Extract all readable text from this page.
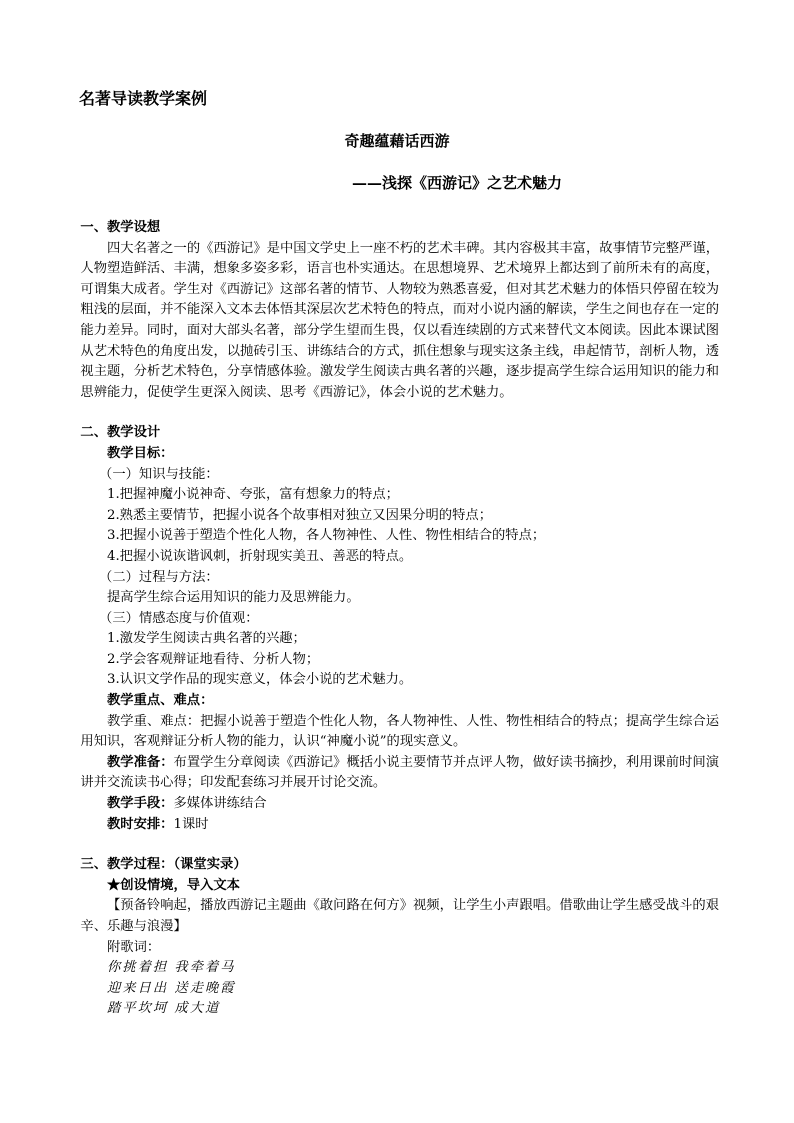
名著导读教学案例
奇趣蕴藉话西游
——浅探《西游记》之艺术魅力

一、教学设想

四大名著之一的《西游记》是中国文学史上一座不朽的艺术丰碑。其内容极其丰富，故事情节完整严谨，人物塑造鲜活、丰满，想象多姿多彩，语言也朴实通达。在思想境界、艺术境界上都达到了前所未有的高度，可谓集大成者。学生对《西游记》这部名著的情节、人物较为熟悉喜爱，但对其艺术魅力的体悟只停留在较为粗浅的层面，并不能深入文本去体悟其深层次艺术特色的特点，而对小说内涵的解读，学生之间也存在一定的能力差异。同时，面对大部头名著，部分学生望而生畏，仅以看连续剧的方式来替代文本阅读。因此本课试图从艺术特色的角度出发，以抛砖引玉、讲练结合的方式，抓住想象与现实这条主线，串起情节，剖析人物，透视主题，分析艺术特色，分享情感体验。激发学生阅读古典名著的兴趣，逐步提高学生综合运用知识的能力和思辨能力，促使学生更深入阅读、思考《西游记》，体会小说的艺术魅力。

二、教学设计

教学目标：

（一）知识与技能：

1.把握神魔小说神奇、夸张，富有想象力的特点；

2.熟悉主要情节，把握小说各个故事相对独立又因果分明的特点；

3.把握小说善于塑造个性化人物，各人物神性、人性、物性相结合的特点；

4.把握小说诙谐讽刺，折射现实美丑、善恶的特点。

（二）过程与方法：

提高学生综合运用知识的能力及思辨能力。

（三）情感态度与价值观：

1.激发学生阅读古典名著的兴趣；

2.学会客观辩证地看待、分析人物；

3.认识文学作品的现实意义，体会小说的艺术魅力。

教学重点、难点：

教学重、难点：把握小说善于塑造个性化人物，各人物神性、人性、物性相结合的特点；提高学生综合运用知识，客观辩证分析人物的能力，认识“神魔小说”的现实意义。

教学准备：布置学生分章阅读《西游记》概括小说主要情节并点评人物，做好读书摘抄，利用课前时间演讲并交流读书心得；印发配套练习并展开讨论交流。

教学手段：多媒体讲练结合

教时安排：1课时

三、教学过程：（课堂实录）

★创设情境，导入文本

【预备铃响起，播放西游记主题曲《敢问路在何方》视频，让学生小声跟唱。借歌曲让学生感受战斗的艰辛、乐趣与浪漫】

附歌词：

你挑着担 我牵着马

迎来日出 送走晚霞

踏平坎坷 成大道
